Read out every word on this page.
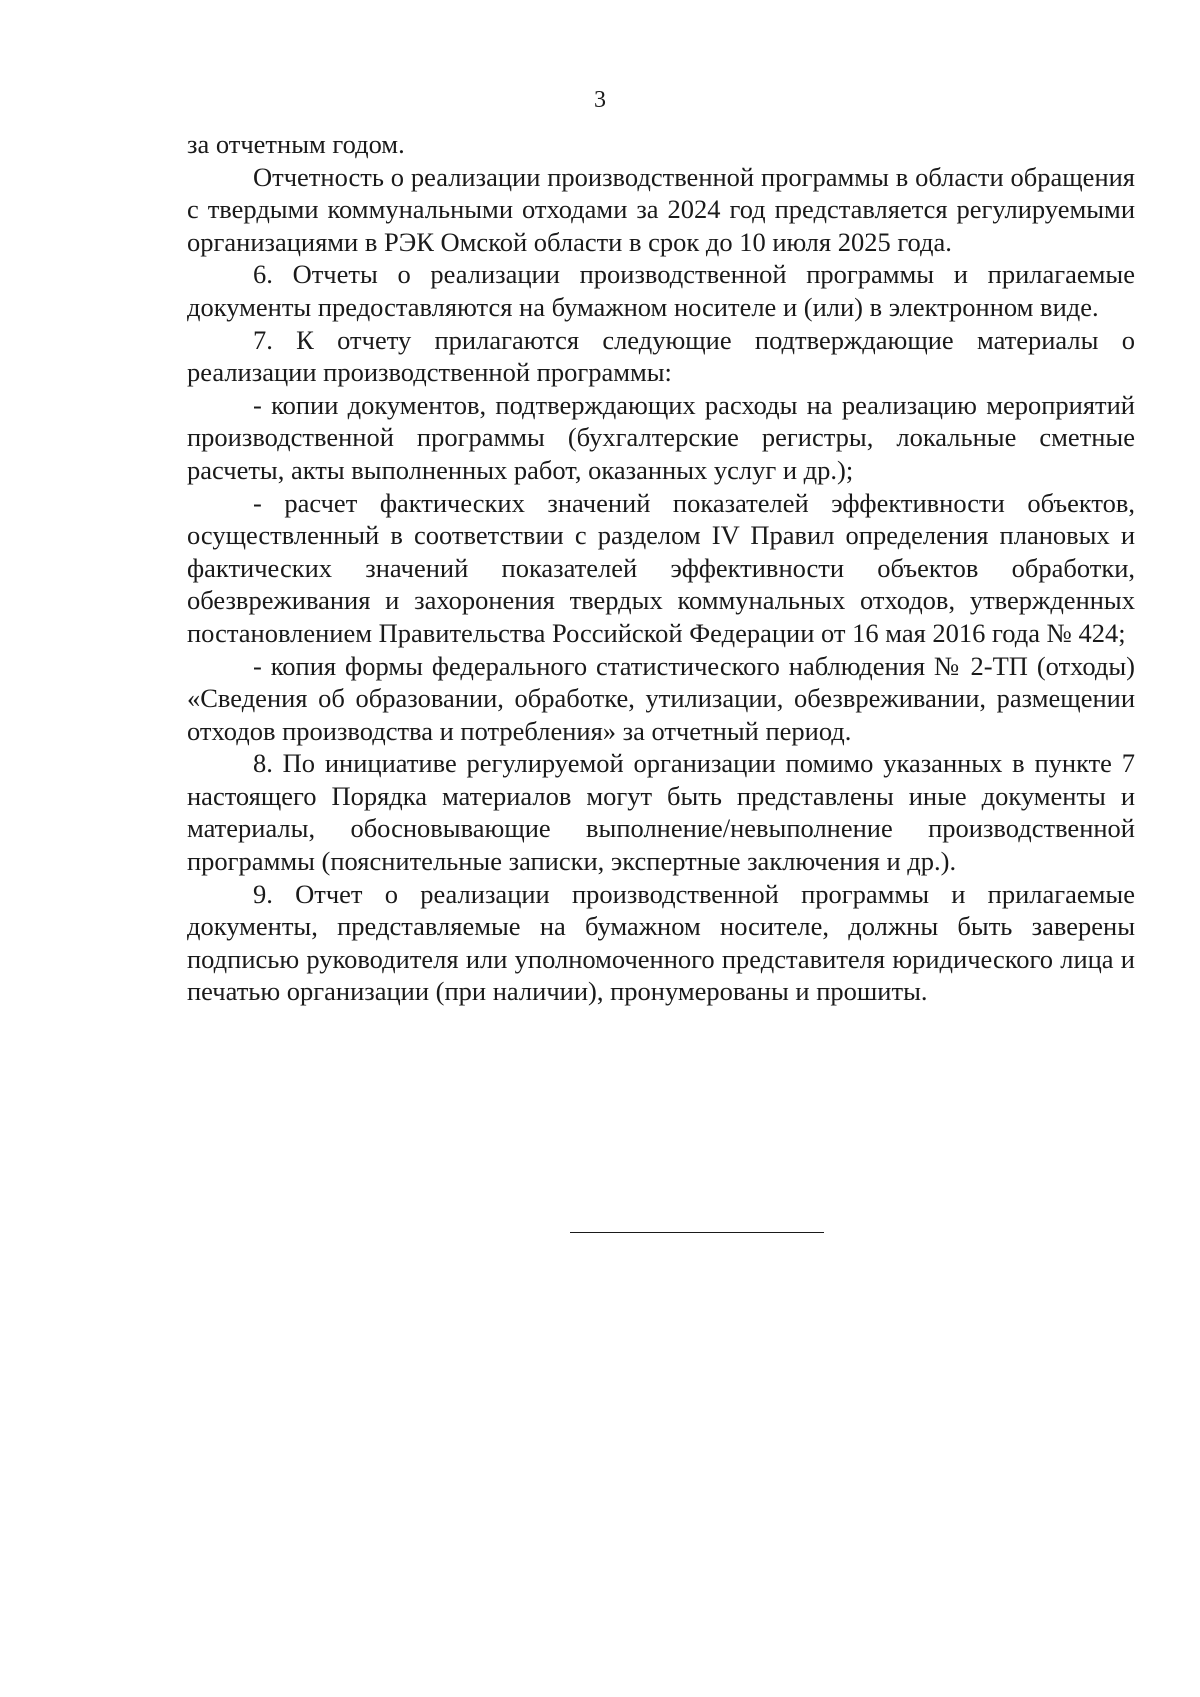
3

за отчетным годом.

Отчетность о реализации производственной программы в области обращения с твердыми коммунальными отходами за 2024 год представляется регулируемыми организациями в РЭК Омской области в срок до 10 июля 2025 года.

6. Отчеты о реализации производственной программы и прилагаемые документы предоставляются на бумажном носителе и (или) в электронном виде.

7. К отчету прилагаются следующие подтверждающие материалы о реализации производственной программы:

- копии документов, подтверждающих расходы на реализацию мероприятий производственной программы (бухгалтерские регистры, локальные сметные расчеты, акты выполненных работ, оказанных услуг и др.);

- расчет фактических значений показателей эффективности объектов, осуществленный в соответствии с разделом IV Правил определения плановых и фактических значений показателей эффективности объектов обработки, обезвреживания и захоронения твердых коммунальных отходов, утвержденных постановлением Правительства Российской Федерации от 16 мая 2016 года № 424;

- копия формы федерального статистического наблюдения № 2-ТП (отходы) «Сведения об образовании, обработке, утилизации, обезвреживании, размещении отходов производства и потребления» за отчетный период.

8. По инициативе регулируемой организации помимо указанных в пункте 7 настоящего Порядка материалов могут быть представлены иные документы и материалы, обосновывающие выполнение/невыполнение производственной программы (пояснительные записки, экспертные заключения и др.).

9. Отчет о реализации производственной программы и прилагаемые документы, представляемые на бумажном носителе, должны быть заверены подписью руководителя или уполномоченного представителя юридического лица и печатью организации (при наличии), пронумерованы и прошиты.
